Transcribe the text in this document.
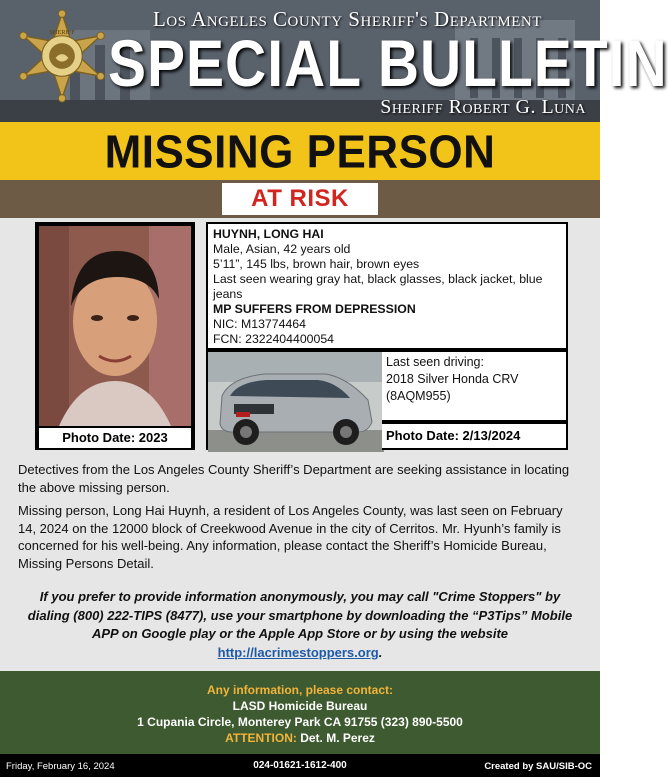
SHERIFF
Los Angeles County Sheriff's Department
SPECIAL BULLETIN
Sheriff Robert G. Luna
MISSING PERSON
AT RISK
Photo Date: 2023
HUYNH, LONG HAI
Male, Asian, 42 years old
5’11”, 145 lbs, brown hair, brown eyes
Last seen wearing gray hat, black glasses, black jacket, blue jeans
MP SUFFERS FROM DEPRESSION
NIC: M13774464
FCN: 2322404400054
Last seen driving:
2018 Silver Honda CRV
(8AQM955)
Photo Date: 2/13/2024
Detectives from the Los Angeles County Sheriff’s Department are seeking assistance in locating the above missing person.
Missing person, Long Hai Huynh, a resident of Los Angeles County, was last seen on February 14, 2024 on the 12000 block of Creekwood Avenue in the city of Cerritos. Mr. Hyunh’s family is concerned for his well-being. Any information, please contact the Sheriff’s Homicide Bureau, Missing Persons Detail.
If you prefer to provide information anonymously, you may call "Crime Stoppers" by dialing (800) 222-TIPS (8477), use your smartphone by downloading the “P3Tips” Mobile APP on Google play or the Apple App Store or by using the website
http://lacrimestoppers.org.
Any information, please contact:
LASD Homicide Bureau
1 Cupania Circle, Monterey Park CA 91755 (323) 890-5500
ATTENTION: Det. M. Perez
Friday, February 16, 2024	024-01621-1612-400	Created by SAU/SIB-OC
